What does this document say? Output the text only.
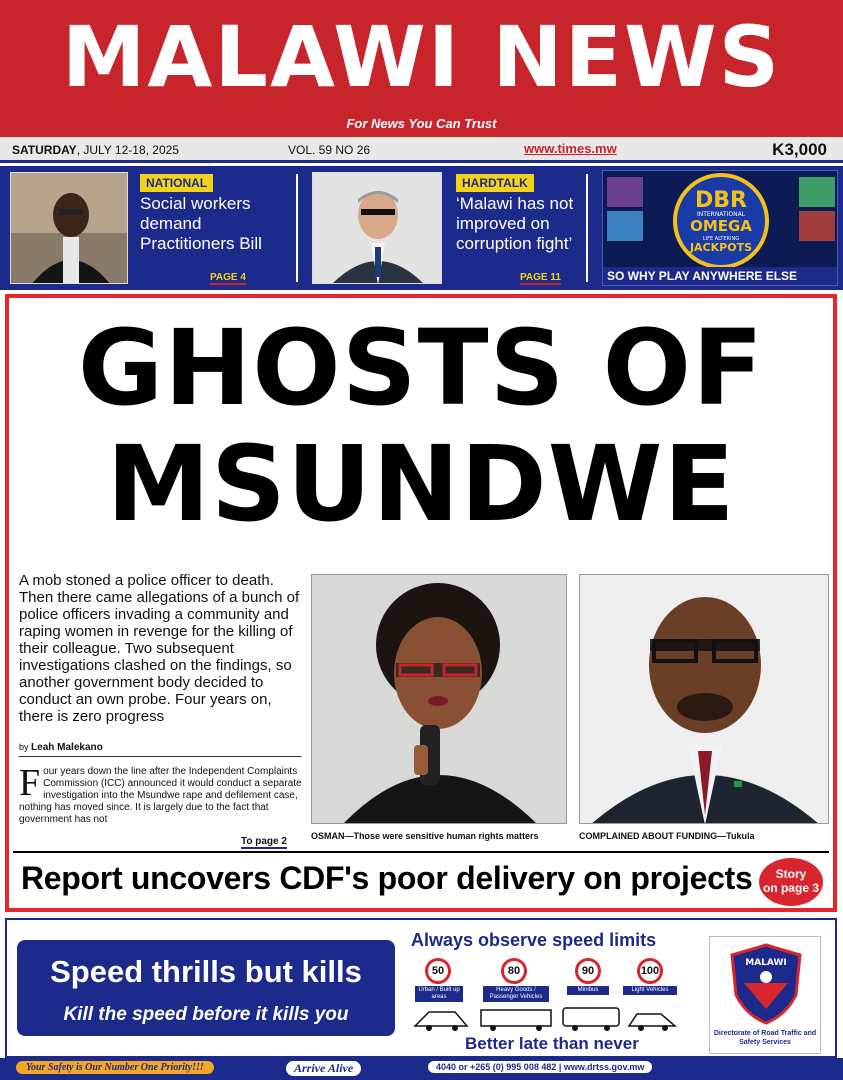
MALAWI NEWS
For News You Can Trust
SATURDAY, JULY 12-18, 2025	VOL. 59 NO 26	www.times.mw	K3,000
NATIONAL
Social workers demand Practitioners Bill
PAGE 4
HARDTALK
‘Malawi has not improved on corruption fight’
PAGE 11
DBR
INTERNATIONAL
OMEGA
LIFE ALTERING
JACKPOTS
SO WHY PLAY ANYWHERE ELSE
GHOSTS OF
MSUNDWE

A mob stoned a police officer to death. Then there came allegations of a bunch of police officers invading a community and raping women in revenge for the killing of their colleague. Two subsequent investigations clashed on the findings, so another government body decided to conduct an own probe. Four years on, there is zero progress

by Leah Malekano

Four years down the line after the Independent Complaints Commission (ICC) announced it would conduct a separate investigation into the Msundwe rape and defilement case, nothing has moved since. It is largely due to the fact that government has not

To page 2	OSMAN—Those were sensitive human rights matters	COMPLAINED ABOUT FUNDING—Tukula
Report uncovers CDF's poor delivery on projects	Story
on page 3
Speed thrills but kills
Kill the speed before it kills you
Always observe speed limits
50
Urban / Built up areas
80
Heavy Goods / Passenger Vehicles
90
Minibus
100
Light Vehicles
Better late than never
MALAWI
Directorate of Road Traffic and Safety Services
Your Safety is Our Number One Priority!!!	Arrive Alive	4040 or +265 (0) 995 008 482 | www.drtss.gov.mw
